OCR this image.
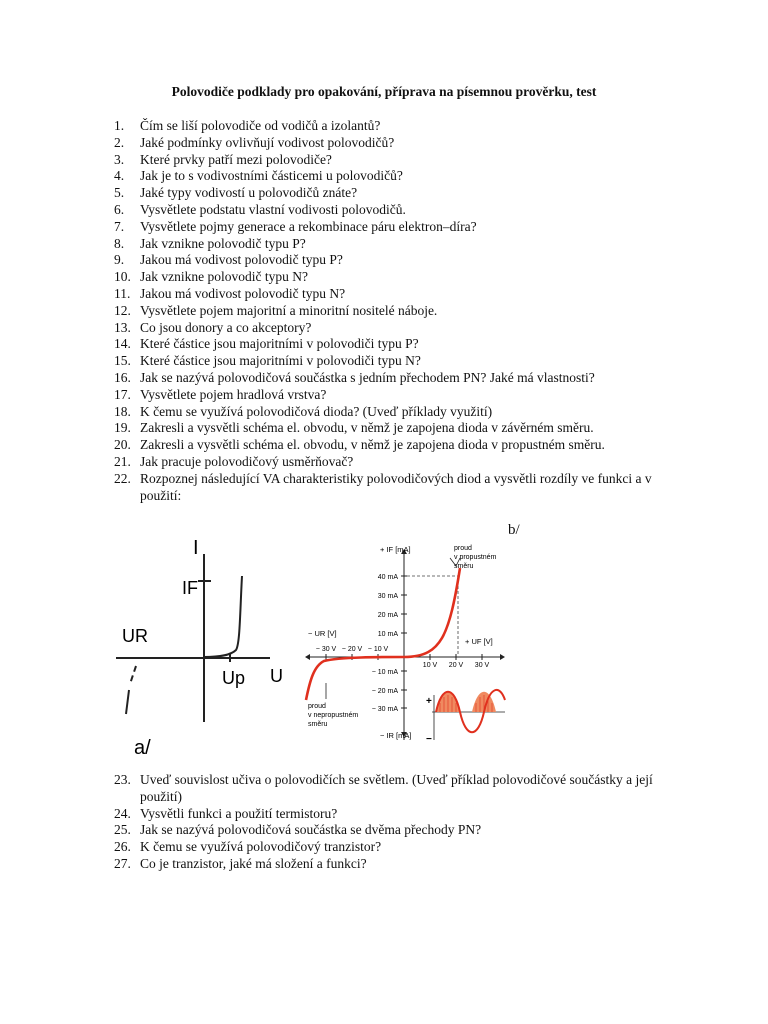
Polovodiče podklady pro opakování, příprava na písemnou prověrku, test
1. Čím se liší polovodiče od vodičů a izolantů?
2. Jaké podmínky ovlivňují vodivost polovodičů?
3. Které prvky patří mezi polovodiče?
4. Jak je to s vodivostními částicemi u polovodičů?
5. Jaké typy vodivostí u polovodičů znáte?
6. Vysvětlete podstatu vlastní vodivosti polovodičů.
7. Vysvětlete pojmy generace a rekombinace páru elektron–díra?
8. Jak vznikne polovodič typu P?
9. Jakou má vodivost polovodič typu P?
10. Jak vznikne polovodič typu N?
11. Jakou má vodivost polovodič typu N?
12. Vysvětlete pojem majoritní a minoritní nositelé náboje.
13. Co jsou donory a co akceptory?
14. Které částice jsou majoritními v polovodiči typu P?
15. Které částice jsou majoritními v polovodiči typu N?
16. Jak se nazývá polovodičová součástka s jedním přechodem PN? Jaké má vlastnosti?
17. Vysvětlete pojem hradlová vrstva?
18. K čemu se využívá polovodičová dioda? (Uveď příklady využití)
19. Zakresli a vysvětli schéma el. obvodu, v němž je zapojena dioda v závěrném směru.
20. Zakresli a vysvětli schéma el. obvodu, v němž je zapojena dioda v propustném směru.
21. Jak pracuje polovodičový usměrňovač?
22. Rozpoznej následující VA charakteristiky polovodičových diod a vysvětli rozdíly ve funkci a v použití:
I
IF
UR
Up U
a/
b/
40 mA
30 mA
20 mA
10 mA
− 10 mA
− 20 mA
− 30 mA
10 V 20 V 30 V
− 30 V − 20 V − 10 V
+ IF [mA]
− IR [mA]
+ UF [V]
− UR [V]
proud
v propustném
směru
proud
v nepropustném
směru
+
−
23. Uveď souvislost učiva o polovodičích se světlem. (Uveď příklad polovodičové součástky a její použití)
24. Vysvětli funkci a použití termistoru?
25. Jak se nazývá polovodičová součástka se dvěma přechody PN?
26. K čemu se využívá polovodičový tranzistor?
27. Co je tranzistor, jaké má složení a funkci?
